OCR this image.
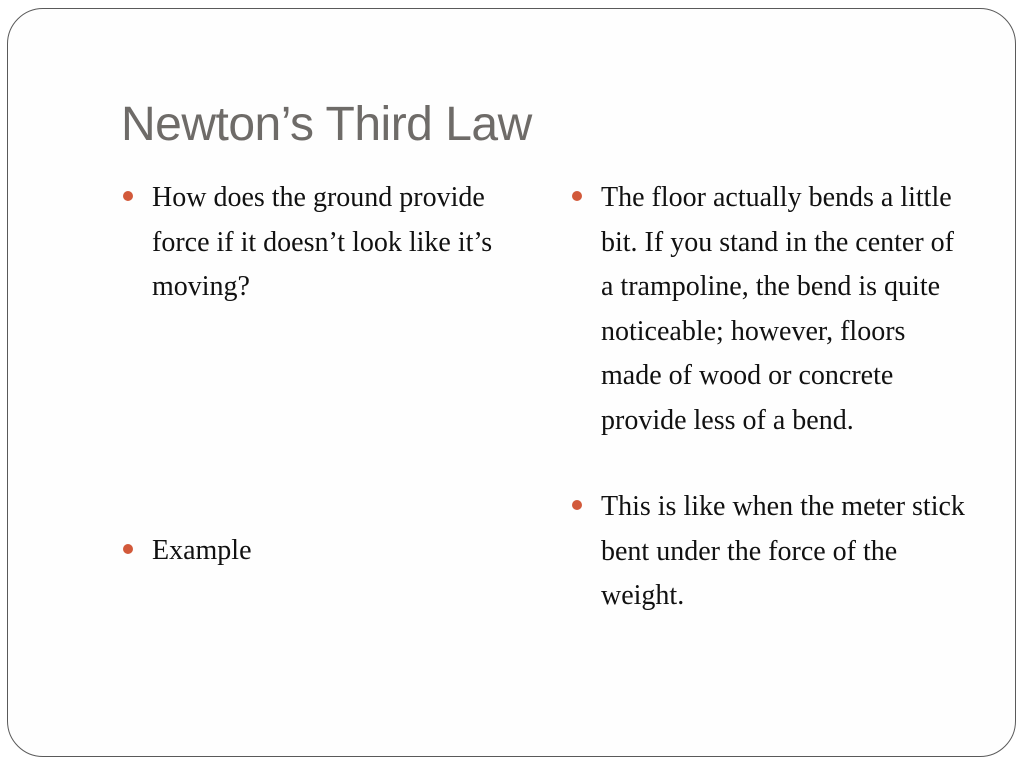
Newton’s Third Law
How does the ground provide force if it doesn’t look like it’s moving?
Example
The floor actually bends a little bit. If you stand in the center of a trampoline, the bend is quite noticeable; however, floors made of wood or concrete provide less of a bend.
This is like when the meter stick bent under the force of the weight.
